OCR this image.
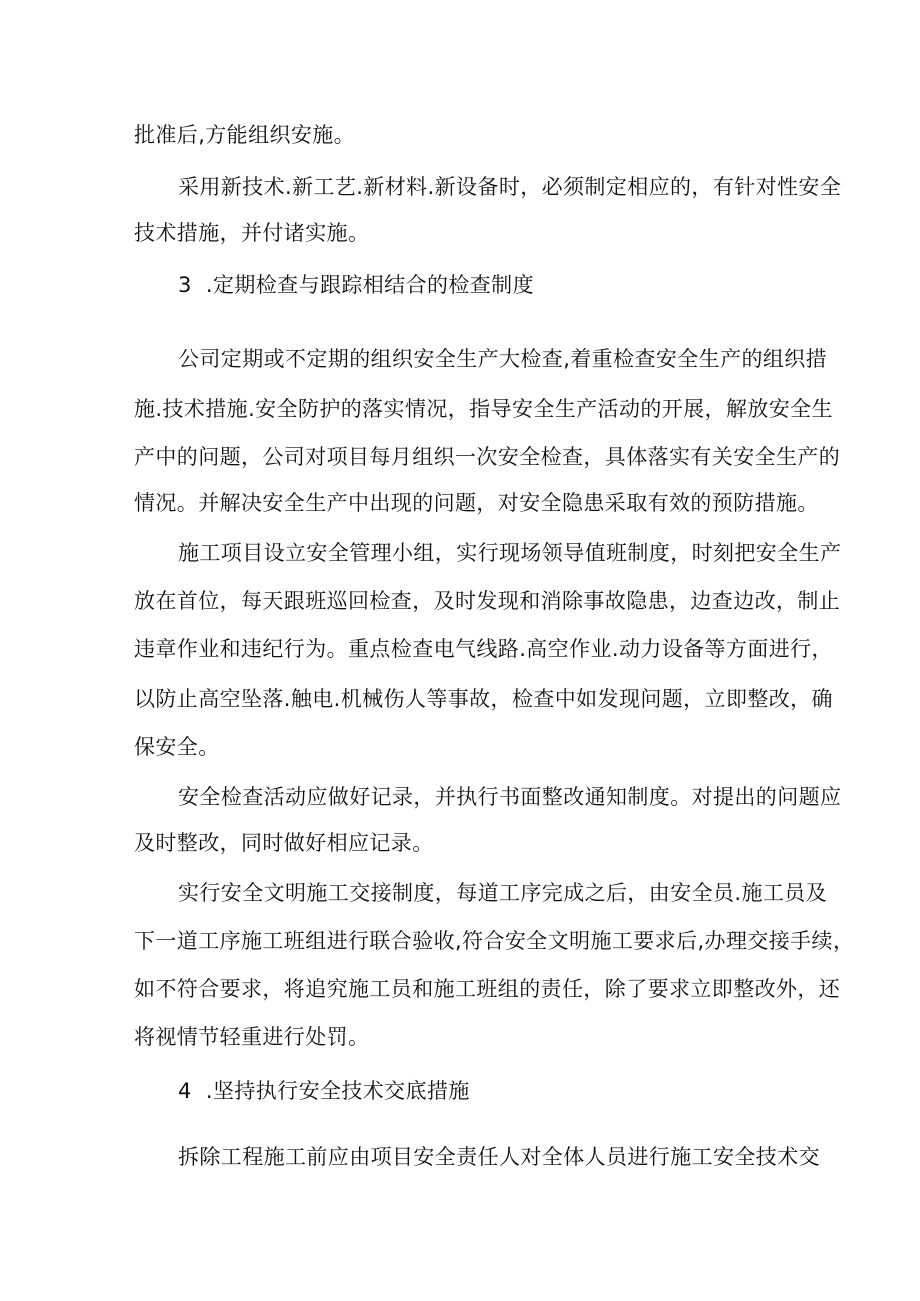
批准后,方能组织安施。
采用新技术.新工艺.新材料.新设备时，必须制定相应的，有针对性安全
技术措施，并付诸实施。
3  .定期检查与跟踪相结合的检查制度
公司定期或不定期的组织安全生产大检查,着重检查安全生产的组织措
施.技术措施.安全防护的落实情况，指导安全生产活动的开展，解放安全生
产中的问题，公司对项目每月组织一次安全检查，具体落实有关安全生产的
情况。并解决安全生产中出现的问题，对安全隐患采取有效的预防措施。
施工项目设立安全管理小组，实行现场领导值班制度，时刻把安全生产
放在首位，每天跟班巡回检查，及时发现和消除事故隐患，边查边改，制止
违章作业和违纪行为。重点检查电气线路.高空作业.动力设备等方面进行，
以防止高空坠落.触电.机械伤人等事故，检查中如发现问题，立即整改，确
保安全。
安全检查活动应做好记录，并执行书面整改通知制度。对提出的问题应
及时整改，同时做好相应记录。
实行安全文明施工交接制度，每道工序完成之后，由安全员.施工员及
下一道工序施工班组进行联合验收,符合安全文明施工要求后,办理交接手续，
如不符合要求，将追究施工员和施工班组的责任，除了要求立即整改外，还
将视情节轻重进行处罚。
4  .坚持执行安全技术交底措施
拆除工程施工前应由项目安全责任人对全体人员进行施工安全技术交
